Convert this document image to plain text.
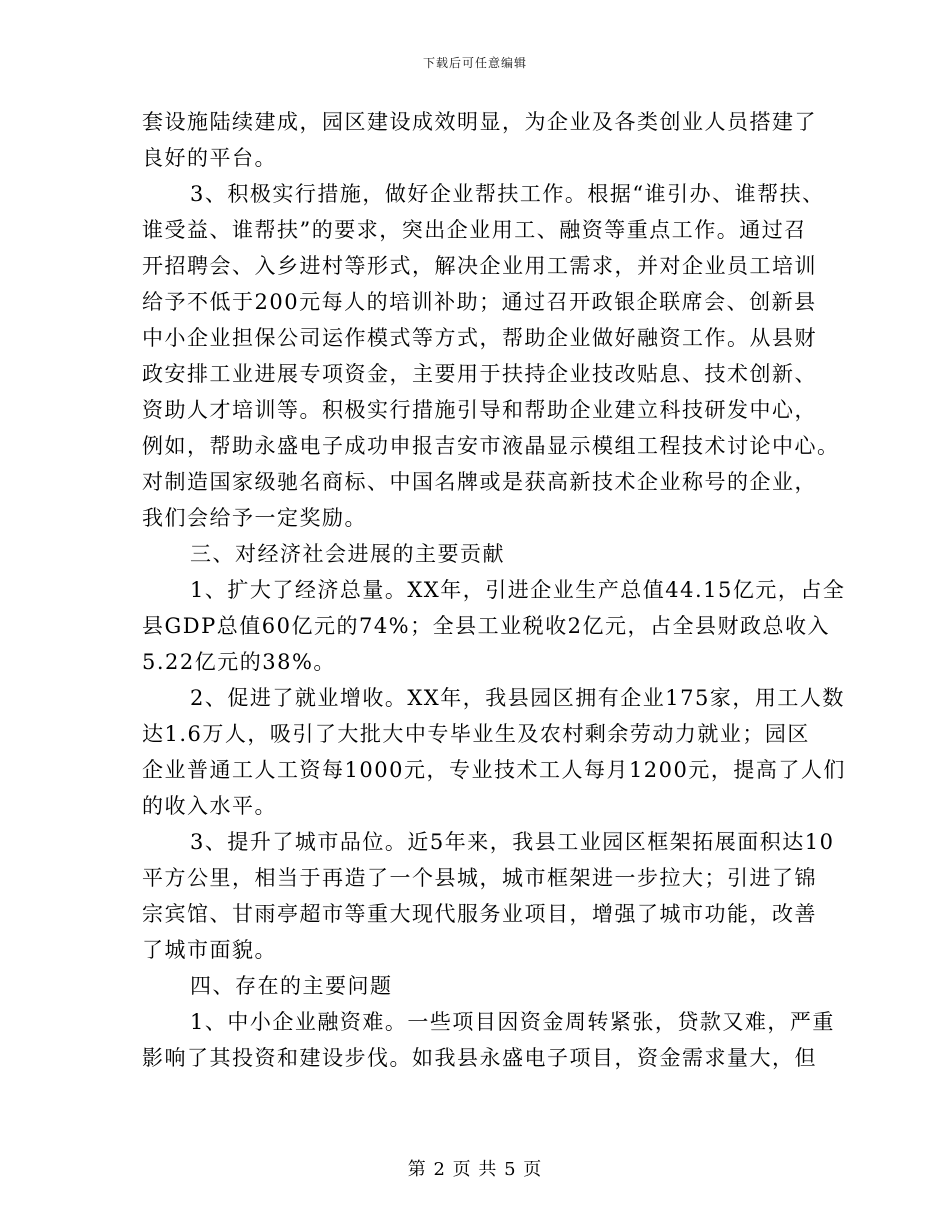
下载后可任意编辑
套设施陆续建成，园区建设成效明显，为企业及各类创业人员搭建了
良好的平台。
3、积极实行措施，做好企业帮扶工作。根据“谁引办、谁帮扶、
谁受益、谁帮扶”的要求，突出企业用工、融资等重点工作。通过召
开招聘会、入乡进村等形式，解决企业用工需求，并对企业员工培训
给予不低于200元每人的培训补助；通过召开政银企联席会、创新县
中小企业担保公司运作模式等方式，帮助企业做好融资工作。从县财
政安排工业进展专项资金，主要用于扶持企业技改贴息、技术创新、
资助人才培训等。积极实行措施引导和帮助企业建立科技研发中心，
例如，帮助永盛电子成功申报吉安市液晶显示模组工程技术讨论中心。
对制造国家级驰名商标、中国名牌或是获高新技术企业称号的企业，
我们会给予一定奖励。
三、对经济社会进展的主要贡献
1、扩大了经济总量。XX年，引进企业生产总值44.15亿元，占全
县GDP总值60亿元的74%；全县工业税收2亿元，占全县财政总收入
5.22亿元的38%。
2、促进了就业增收。XX年，我县园区拥有企业175家，用工人数
达1.6万人，吸引了大批大中专毕业生及农村剩余劳动力就业；园区
企业普通工人工资每1000元，专业技术工人每月1200元，提高了人们
的收入水平。
3、提升了城市品位。近5年来，我县工业园区框架拓展面积达10
平方公里，相当于再造了一个县城，城市框架进一步拉大；引进了锦
宗宾馆、甘雨亭超市等重大现代服务业项目，增强了城市功能，改善
了城市面貌。
四、存在的主要问题
1、中小企业融资难。一些项目因资金周转紧张，贷款又难，严重
影响了其投资和建设步伐。如我县永盛电子项目，资金需求量大，但
第 2 页 共 5 页
